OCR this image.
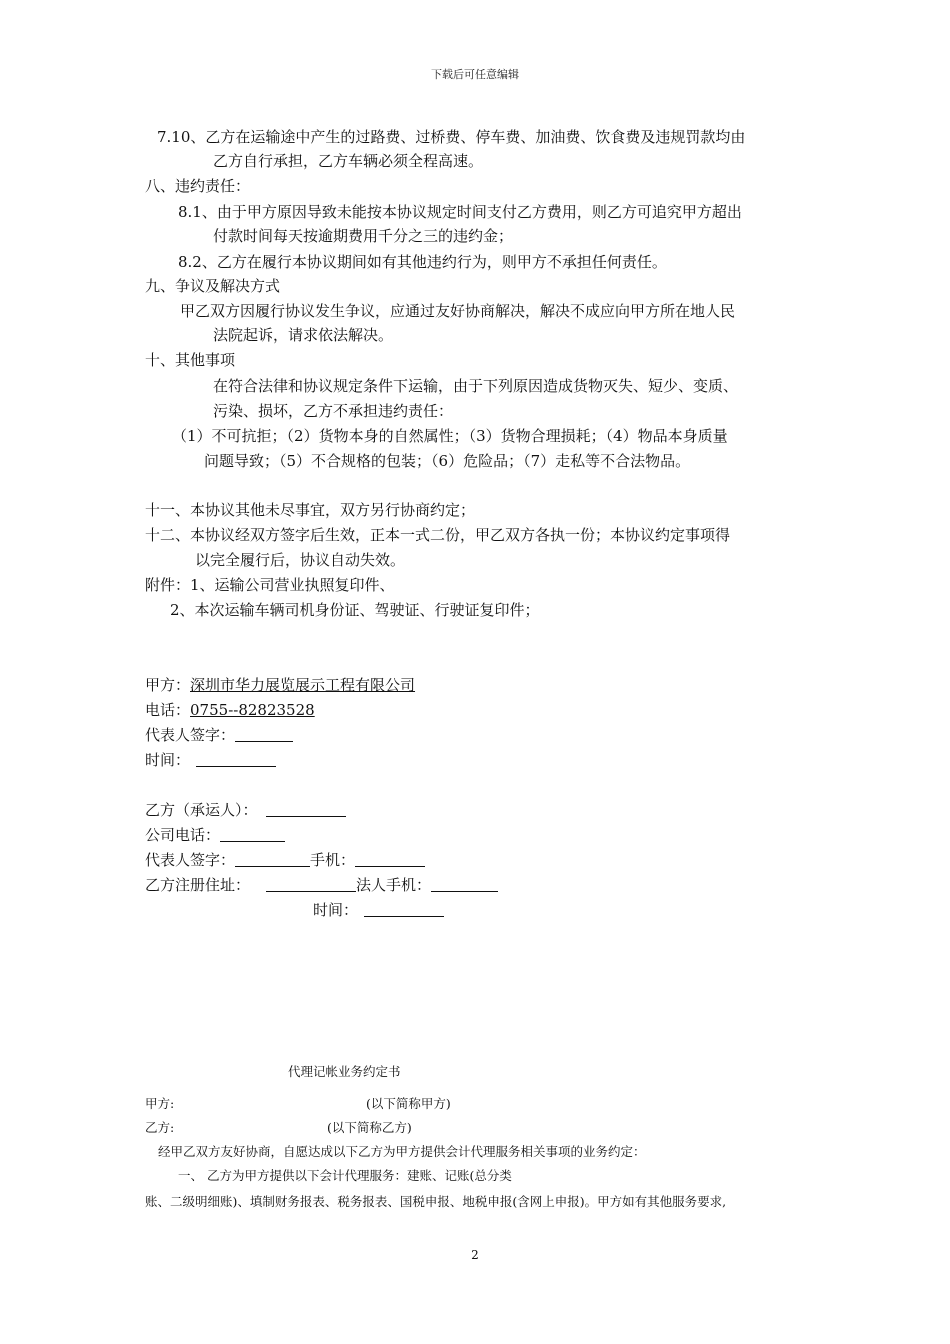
下载后可任意编辑
7.10、乙方在运输途中产生的过路费、过桥费、停车费、加油费、饮食费及违规罚款均由
乙方自行承担，乙方车辆必须全程高速。
八、违约责任：
8.1、由于甲方原因导致未能按本协议规定时间支付乙方费用，则乙方可追究甲方超出
付款时间每天按逾期费用千分之三的违约金；
8.2、乙方在履行本协议期间如有其他违约行为，则甲方不承担任何责任。
九、争议及解决方式
甲乙双方因履行协议发生争议，应通过友好协商解决，解决不成应向甲方所在地人民
法院起诉，请求依法解决。
十、其他事项
在符合法律和协议规定条件下运输，由于下列原因造成货物灭失、短少、变质、
污染、损坏，乙方不承担违约责任：
（1）不可抗拒；（2）货物本身的自然属性；（3）货物合理损耗；（4）物品本身质量
问题导致；（5）不合规格的包装；（6）危险品；（7）走私等不合法物品。
十一、本协议其他未尽事宜，双方另行协商约定；
十二、本协议经双方签字后生效，正本一式二份，甲乙双方各执一份；本协议约定事项得
以完全履行后，协议自动失效。
附件：1、运输公司营业执照复印件、
2、本次运输车辆司机身份证、驾驶证、行驶证复印件；
甲方：深圳市华力展览展示工程有限公司
电话：0755--82823528
代表人签字：
时间：
乙方（承运人）：
公司电话：
代表人签字：	手机：
乙方注册住址：	法人手机：
时间：
代理记帐业务约定书
甲方:	(以下简称甲方)
乙方:	(以下简称乙方)
经甲乙双方友好协商，自愿达成以下乙方为甲方提供会计代理服务相关事项的业务约定：
一、 乙方为甲方提供以下会计代理服务：建账、记账(总分类
账、二级明细账)、填制财务报表、税务报表、国税申报、地税申报(含网上申报)。甲方如有其他服务要求,
2
